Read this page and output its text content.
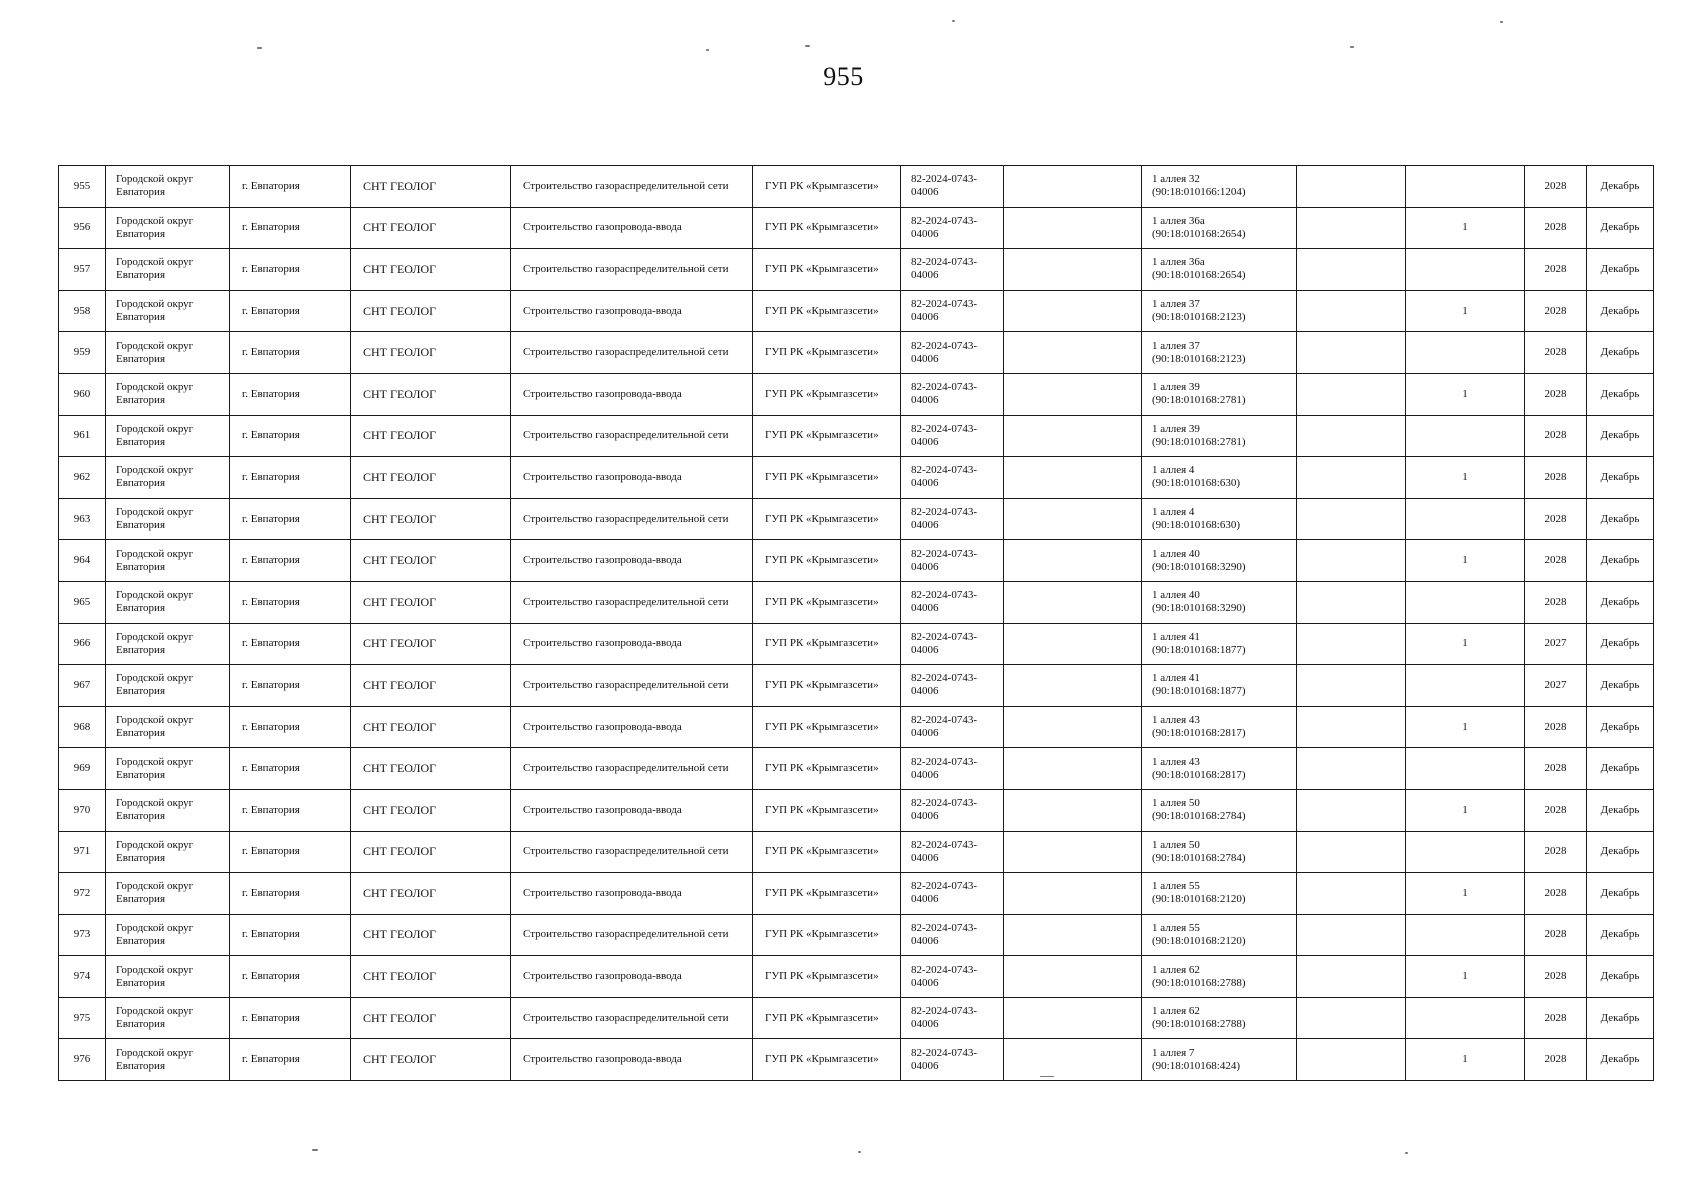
955
955	Городской округ Евпатория	г. Евпатория	СНТ ГЕОЛОГ	Строительство газораспределительной сети	ГУП РК «Крымгазсети»	82-2024-0743-04006		1 аллея 32
(90:18:010166:1204)			2028	Декабрь
956	Городской округ Евпатория	г. Евпатория	СНТ ГЕОЛОГ	Строительство газопровода-ввода	ГУП РК «Крымгазсети»	82-2024-0743-04006		1 аллея 36а
(90:18:010168:2654)		1	2028	Декабрь
957	Городской округ Евпатория	г. Евпатория	СНТ ГЕОЛОГ	Строительство газораспределительной сети	ГУП РК «Крымгазсети»	82-2024-0743-04006		1 аллея 36а
(90:18:010168:2654)			2028	Декабрь
958	Городской округ Евпатория	г. Евпатория	СНТ ГЕОЛОГ	Строительство газопровода-ввода	ГУП РК «Крымгазсети»	82-2024-0743-04006		1 аллея 37
(90:18:010168:2123)		1	2028	Декабрь
959	Городской округ Евпатория	г. Евпатория	СНТ ГЕОЛОГ	Строительство газораспределительной сети	ГУП РК «Крымгазсети»	82-2024-0743-04006		1 аллея 37
(90:18:010168:2123)			2028	Декабрь
960	Городской округ Евпатория	г. Евпатория	СНТ ГЕОЛОГ	Строительство газопровода-ввода	ГУП РК «Крымгазсети»	82-2024-0743-04006		1 аллея 39
(90:18:010168:2781)		1	2028	Декабрь
961	Городской округ Евпатория	г. Евпатория	СНТ ГЕОЛОГ	Строительство газораспределительной сети	ГУП РК «Крымгазсети»	82-2024-0743-04006		1 аллея 39
(90:18:010168:2781)			2028	Декабрь
962	Городской округ Евпатория	г. Евпатория	СНТ ГЕОЛОГ	Строительство газопровода-ввода	ГУП РК «Крымгазсети»	82-2024-0743-04006		1 аллея 4
(90:18:010168:630)		1	2028	Декабрь
963	Городской округ Евпатория	г. Евпатория	СНТ ГЕОЛОГ	Строительство газораспределительной сети	ГУП РК «Крымгазсети»	82-2024-0743-04006		1 аллея 4
(90:18:010168:630)			2028	Декабрь
964	Городской округ Евпатория	г. Евпатория	СНТ ГЕОЛОГ	Строительство газопровода-ввода	ГУП РК «Крымгазсети»	82-2024-0743-04006		1 аллея 40
(90:18:010168:3290)		1	2028	Декабрь
965	Городской округ Евпатория	г. Евпатория	СНТ ГЕОЛОГ	Строительство газораспределительной сети	ГУП РК «Крымгазсети»	82-2024-0743-04006		1 аллея 40
(90:18:010168:3290)			2028	Декабрь
966	Городской округ Евпатория	г. Евпатория	СНТ ГЕОЛОГ	Строительство газопровода-ввода	ГУП РК «Крымгазсети»	82-2024-0743-04006		1 аллея 41
(90:18:010168:1877)		1	2027	Декабрь
967	Городской округ Евпатория	г. Евпатория	СНТ ГЕОЛОГ	Строительство газораспределительной сети	ГУП РК «Крымгазсети»	82-2024-0743-04006		1 аллея 41
(90:18:010168:1877)			2027	Декабрь
968	Городской округ Евпатория	г. Евпатория	СНТ ГЕОЛОГ	Строительство газопровода-ввода	ГУП РК «Крымгазсети»	82-2024-0743-04006		1 аллея 43
(90:18:010168:2817)		1	2028	Декабрь
969	Городской округ Евпатория	г. Евпатория	СНТ ГЕОЛОГ	Строительство газораспределительной сети	ГУП РК «Крымгазсети»	82-2024-0743-04006		1 аллея 43
(90:18:010168:2817)			2028	Декабрь
970	Городской округ Евпатория	г. Евпатория	СНТ ГЕОЛОГ	Строительство газопровода-ввода	ГУП РК «Крымгазсети»	82-2024-0743-04006		1 аллея 50
(90:18:010168:2784)		1	2028	Декабрь
971	Городской округ Евпатория	г. Евпатория	СНТ ГЕОЛОГ	Строительство газораспределительной сети	ГУП РК «Крымгазсети»	82-2024-0743-04006		1 аллея 50
(90:18:010168:2784)			2028	Декабрь
972	Городской округ Евпатория	г. Евпатория	СНТ ГЕОЛОГ	Строительство газопровода-ввода	ГУП РК «Крымгазсети»	82-2024-0743-04006		1 аллея 55
(90:18:010168:2120)		1	2028	Декабрь
973	Городской округ Евпатория	г. Евпатория	СНТ ГЕОЛОГ	Строительство газораспределительной сети	ГУП РК «Крымгазсети»	82-2024-0743-04006		1 аллея 55
(90:18:010168:2120)			2028	Декабрь
974	Городской округ Евпатория	г. Евпатория	СНТ ГЕОЛОГ	Строительство газопровода-ввода	ГУП РК «Крымгазсети»	82-2024-0743-04006		1 аллея 62
(90:18:010168:2788)		1	2028	Декабрь
975	Городской округ Евпатория	г. Евпатория	СНТ ГЕОЛОГ	Строительство газораспределительной сети	ГУП РК «Крымгазсети»	82-2024-0743-04006		1 аллея 62
(90:18:010168:2788)			2028	Декабрь
976	Городской округ Евпатория	г. Евпатория	СНТ ГЕОЛОГ	Строительство газопровода-ввода	ГУП РК «Крымгазсети»	82-2024-0743-04006		1 аллея 7
(90:18:010168:424)		1	2028	Декабрь
